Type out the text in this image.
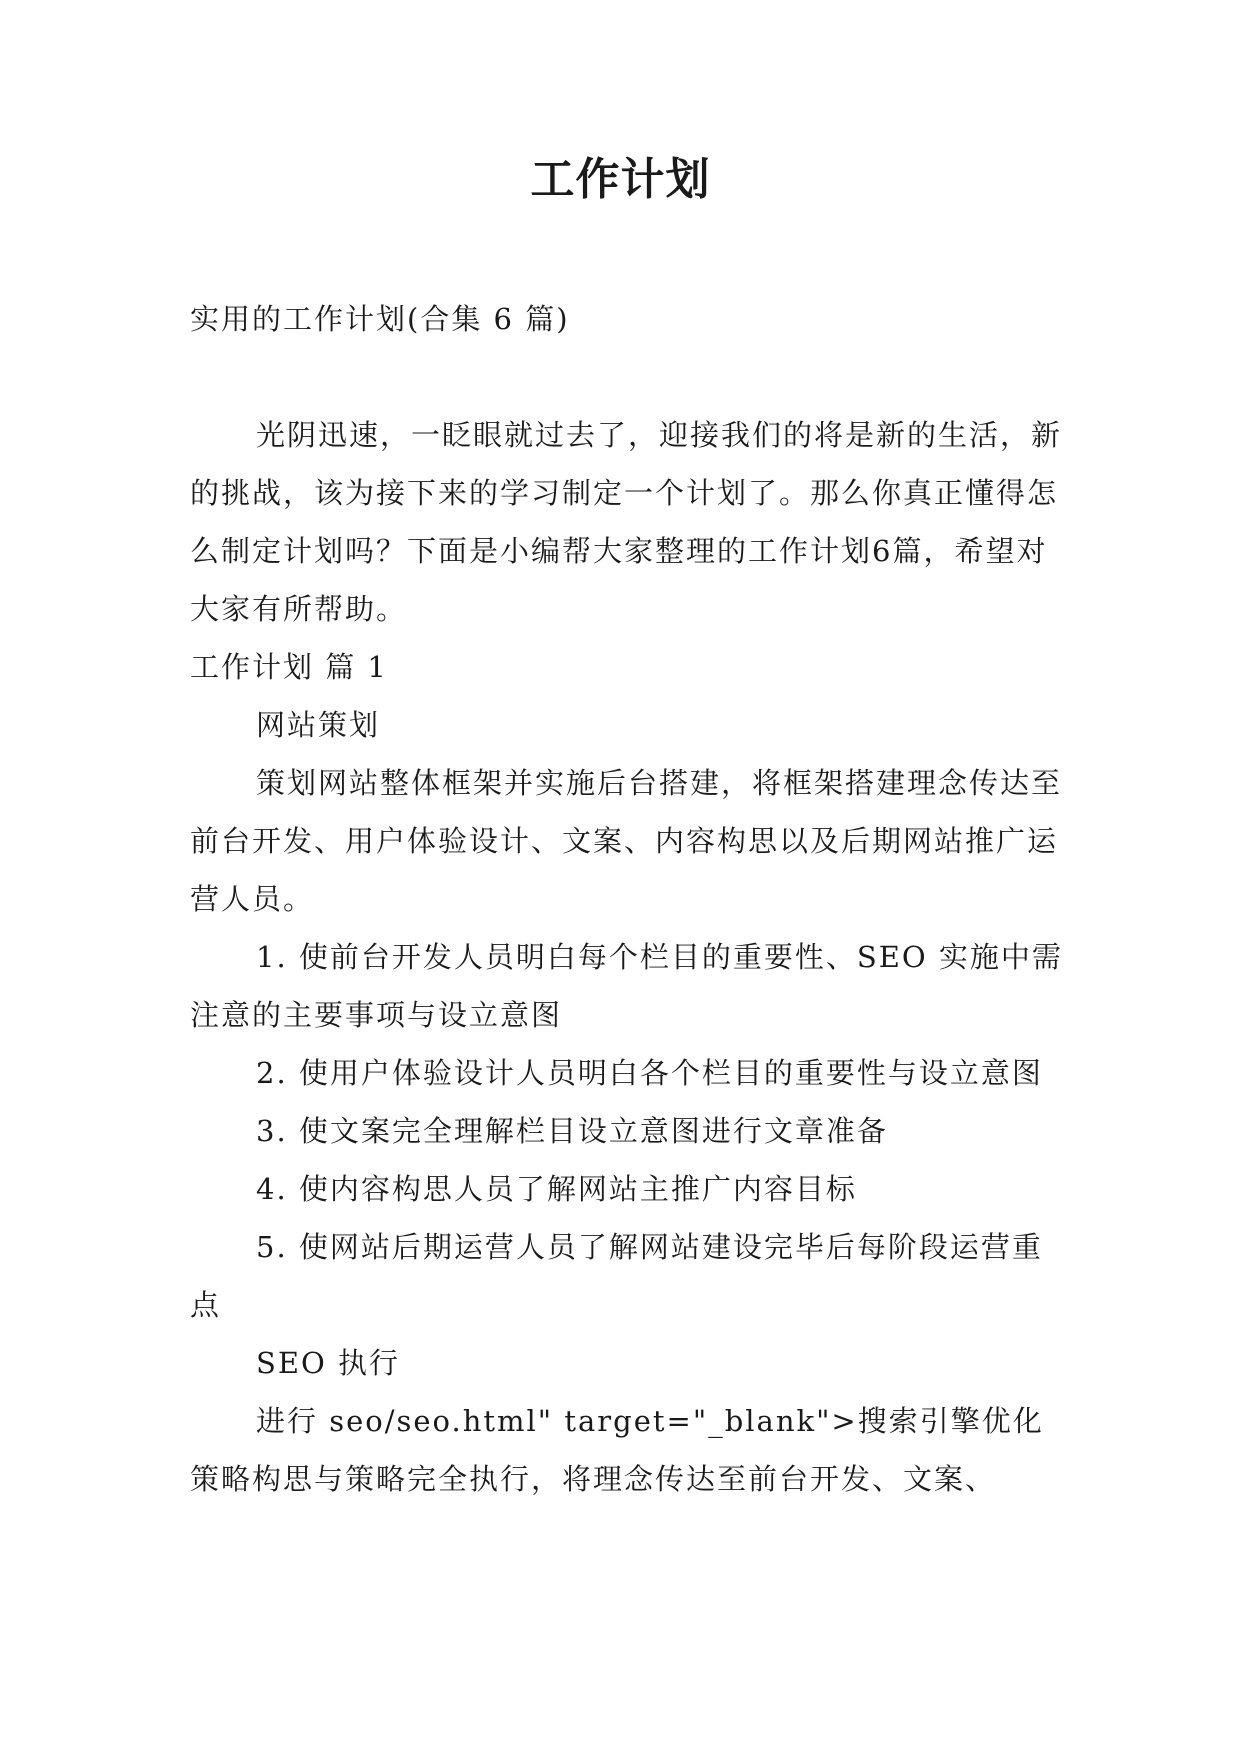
工作计划

实用的工作计划(合集 6 篇)

光阴迅速，一眨眼就过去了，迎接我们的将是新的生活，新的挑战，该为接下来的学习制定一个计划了。那么你真正懂得怎么制定计划吗？下面是小编帮大家整理的工作计划6篇，希望对大家有所帮助。

工作计划 篇 1

网站策划

策划网站整体框架并实施后台搭建，将框架搭建理念传达至前台开发、用户体验设计、文案、内容构思以及后期网站推广运营人员。

1. 使前台开发人员明白每个栏目的重要性、SEO 实施中需注意的主要事项与设立意图

2. 使用户体验设计人员明白各个栏目的重要性与设立意图

3. 使文案完全理解栏目设立意图进行文章准备

4. 使内容构思人员了解网站主推广内容目标

5. 使网站后期运营人员了解网站建设完毕后每阶段运营重点

SEO 执行

进行 seo/seo.html" target="_blank">搜索引擎优化策略构思与策略完全执行，将理念传达至前台开发、文案、
